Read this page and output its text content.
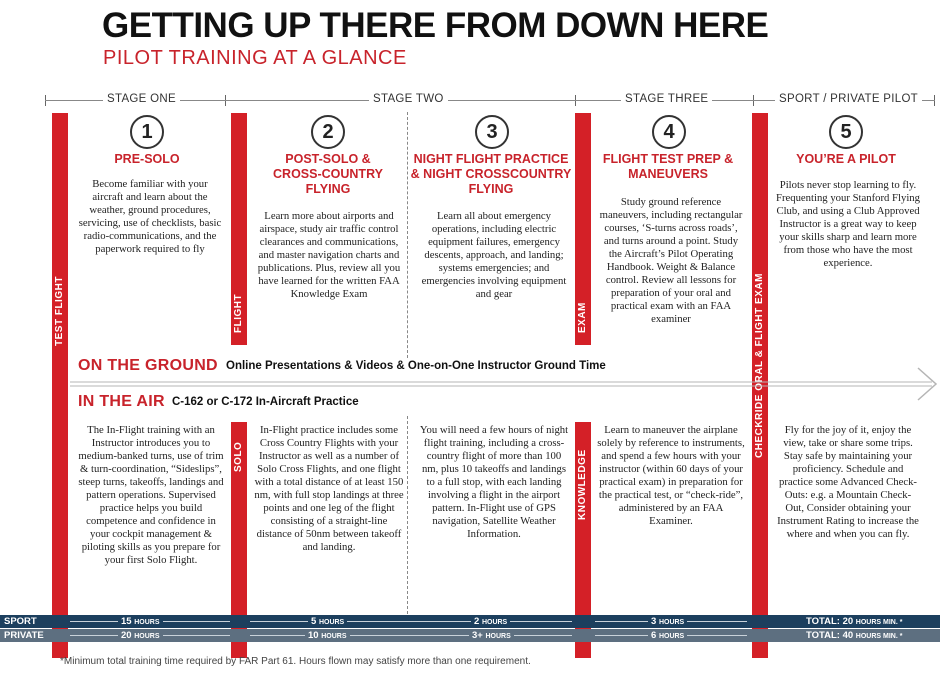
GETTING UP THERE FROM DOWN HERE
PILOT TRAINING AT A GLANCE
STAGE ONE	STAGE TWO	STAGE THREE	SPORT / PRIVATE PILOT
TEST FLIGHT	FLIGHT
SOLO
EXAM
KNOWLEDGE
CHECKRIDE ORAL & FLIGHT EXAM
1
PRE-SOLO
Become familiar with your aircraft and learn about the weather, ground procedures, servicing, use of checklists, basic radio-communications, and the paperwork required to fly
The In-Flight training with an Instructor introduces you to medium-banked turns, use of trim & turn-coordination, “Sideslips”, steep turns, takeoffs, landings and pattern operations. Supervised practice helps you build competence and confidence in your cockpit management & piloting skills as you prepare for your first Solo Flight.
2
POST-SOLO & CROSS-COUNTRY FLYING
Learn more about airports and airspace, study air traffic control clearances and communications, and master navigation charts and publications. Plus, review all you have learned for the written FAA Knowledge Exam
In-Flight practice includes some Cross Country Flights with your Instructor as well as a number of Solo Cross Flights, and one flight with a total distance of at least 150 nm, with full stop landings at three points and one leg of the flight consisting of a straight-line distance of 50nm between takeoff and landing.
3
NIGHT FLIGHT PRACTICE & NIGHT CROSSCOUNTRY FLYING
Learn all about emergency operations, including electric equipment failures, emergency descents, approach, and landing; systems emergencies; and emergencies involving equipment and gear
You will need a few hours of night flight training, including a cross-country flight of more than 100 nm, plus 10 takeoffs and landings to a full stop, with each landing involving a flight in the airport pattern. In-Flight use of GPS navigation, Satellite Weather Information.
4
FLIGHT TEST PREP & MANEUVERS
Study ground reference maneuvers, including rectangular courses, ‘S-turns across roads’, and turns around a point. Study the Aircraft’s Pilot Operating Handbook. Weight & Balance control. Review all lessons for preparation of your oral and practical exam with an FAA examiner
Learn to maneuver the airplane solely by reference to instruments, and spend a few hours with your instructor (within 60 days of your practical exam) in preparation for the practical test, or “check-ride”, administered by an FAA Examiner.
5
YOU’RE A PILOT
Pilots never stop learning to fly. Frequenting your Stanford Flying Club, and using a Club Approved Instructor is a great way to keep your skills sharp and learn more from those who have the most experience.
Fly for the joy of it, enjoy the view, take or share some trips. Stay safe by maintaining your proficiency. Schedule and practice some Advanced Check-Outs: e.g. a Mountain Check-Out, Consider obtaining your Instrument Rating to increase the where and when you can fly.
ON THE GROUND Online Presentations & Videos & One-on-One Instructor Ground Time
IN THE AIR C-162 or C-172 In-Aircraft Practice
SPORT	15 HOURS	5 HOURS	2 HOURS	3 HOURS	TOTAL: 20 HOURS MIN. *
PRIVATE	20 HOURS	10 HOURS	3+ HOURS	6 HOURS	TOTAL: 40 HOURS MIN. *
*Minimum total training time required by FAR Part 61. Hours flown may satisfy more than one requirement.
